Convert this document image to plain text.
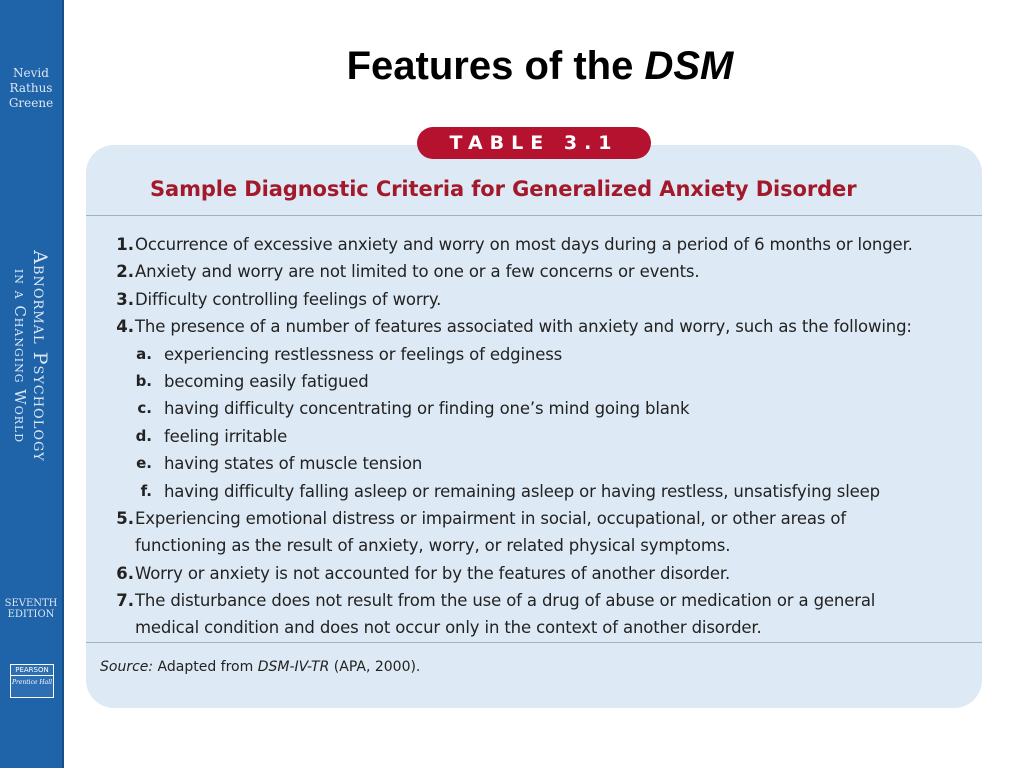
Nevid
Rathus
Greene
Abnormal Psychology
in a Changing World
SEVENTH
EDITION
PEARSON
Prentice Hall
Features of the DSM
TABLE 3.1
Sample Diagnostic Criteria for Generalized Anxiety Disorder
1. Occurrence of excessive anxiety and worry on most days during a period of 6 months or longer.
2. Anxiety and worry are not limited to one or a few concerns or events.
3. Difficulty controlling feelings of worry.
4. The presence of a number of features associated with anxiety and worry, such as the following:
a. experiencing restlessness or feelings of edginess
b. becoming easily fatigued
c. having difficulty concentrating or finding one’s mind going blank
d. feeling irritable
e. having states of muscle tension
f. having difficulty falling asleep or remaining asleep or having restless, unsatisfying sleep
5. Experiencing emotional distress or impairment in social, occupational, or other areas of
functioning as the result of anxiety, worry, or related physical symptoms.
6. Worry or anxiety is not accounted for by the features of another disorder.
7. The disturbance does not result from the use of a drug of abuse or medication or a general
medical condition and does not occur only in the context of another disorder.
Source: Adapted from DSM-IV-TR (APA, 2000).
